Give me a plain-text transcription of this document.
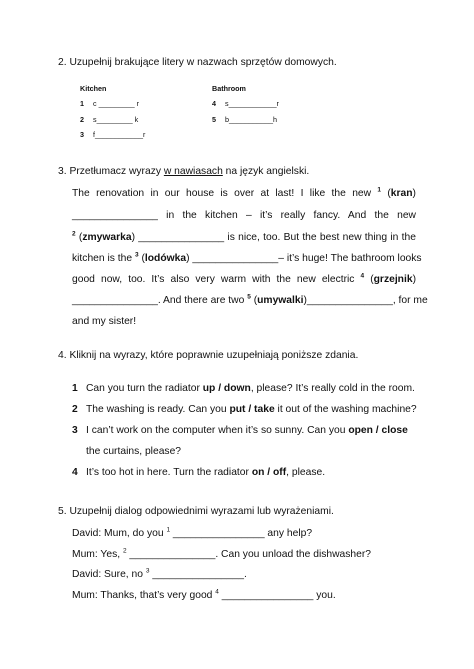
2. Uzupełnij brakujące litery w nazwach sprzętów domowych.
Kitchen	Bathroom
1 c _________ r
2 s_________ k
3 f____________r
4 s____________r
5 b___________h
3. Przetłumacz wyrazy w nawiasach na język angielski.
The renovation in our house is over at last! I like the new $^1$ (kran)
_______________ in the kitchen – it’s really fancy. And the new
$^2$ (zmywarka) _______________ is nice, too. But the best new thing in the
kitchen is the $^3$ (lodówka) _______________– it’s huge! The bathroom looks
good now, too. It’s also very warm with the new electric $^4$ (grzejnik)
_______________. And there are two $^5$ (umywalki)_______________, for me
and my sister!
4. Kliknij na wyrazy, które poprawnie uzupełniają poniższe zdania.
1 Can you turn the radiator up / down, please? It’s really cold in the room.
2 The washing is ready. Can you put / take it out of the washing machine?
3 I can’t work on the computer when it’s so sunny. Can you open / close
the curtains, please?
4 It’s too hot in here. Turn the radiator on / off, please.
5. Uzupełnij dialog odpowiednimi wyrazami lub wyrażeniami.
David: Mum, do you $^1$ ________________ any help?
Mum: Yes, $^2$ _______________. Can you unload the dishwasher?
David: Sure, no $^3$ ________________.
Mum: Thanks, that’s very good $^4$ ________________ you.
